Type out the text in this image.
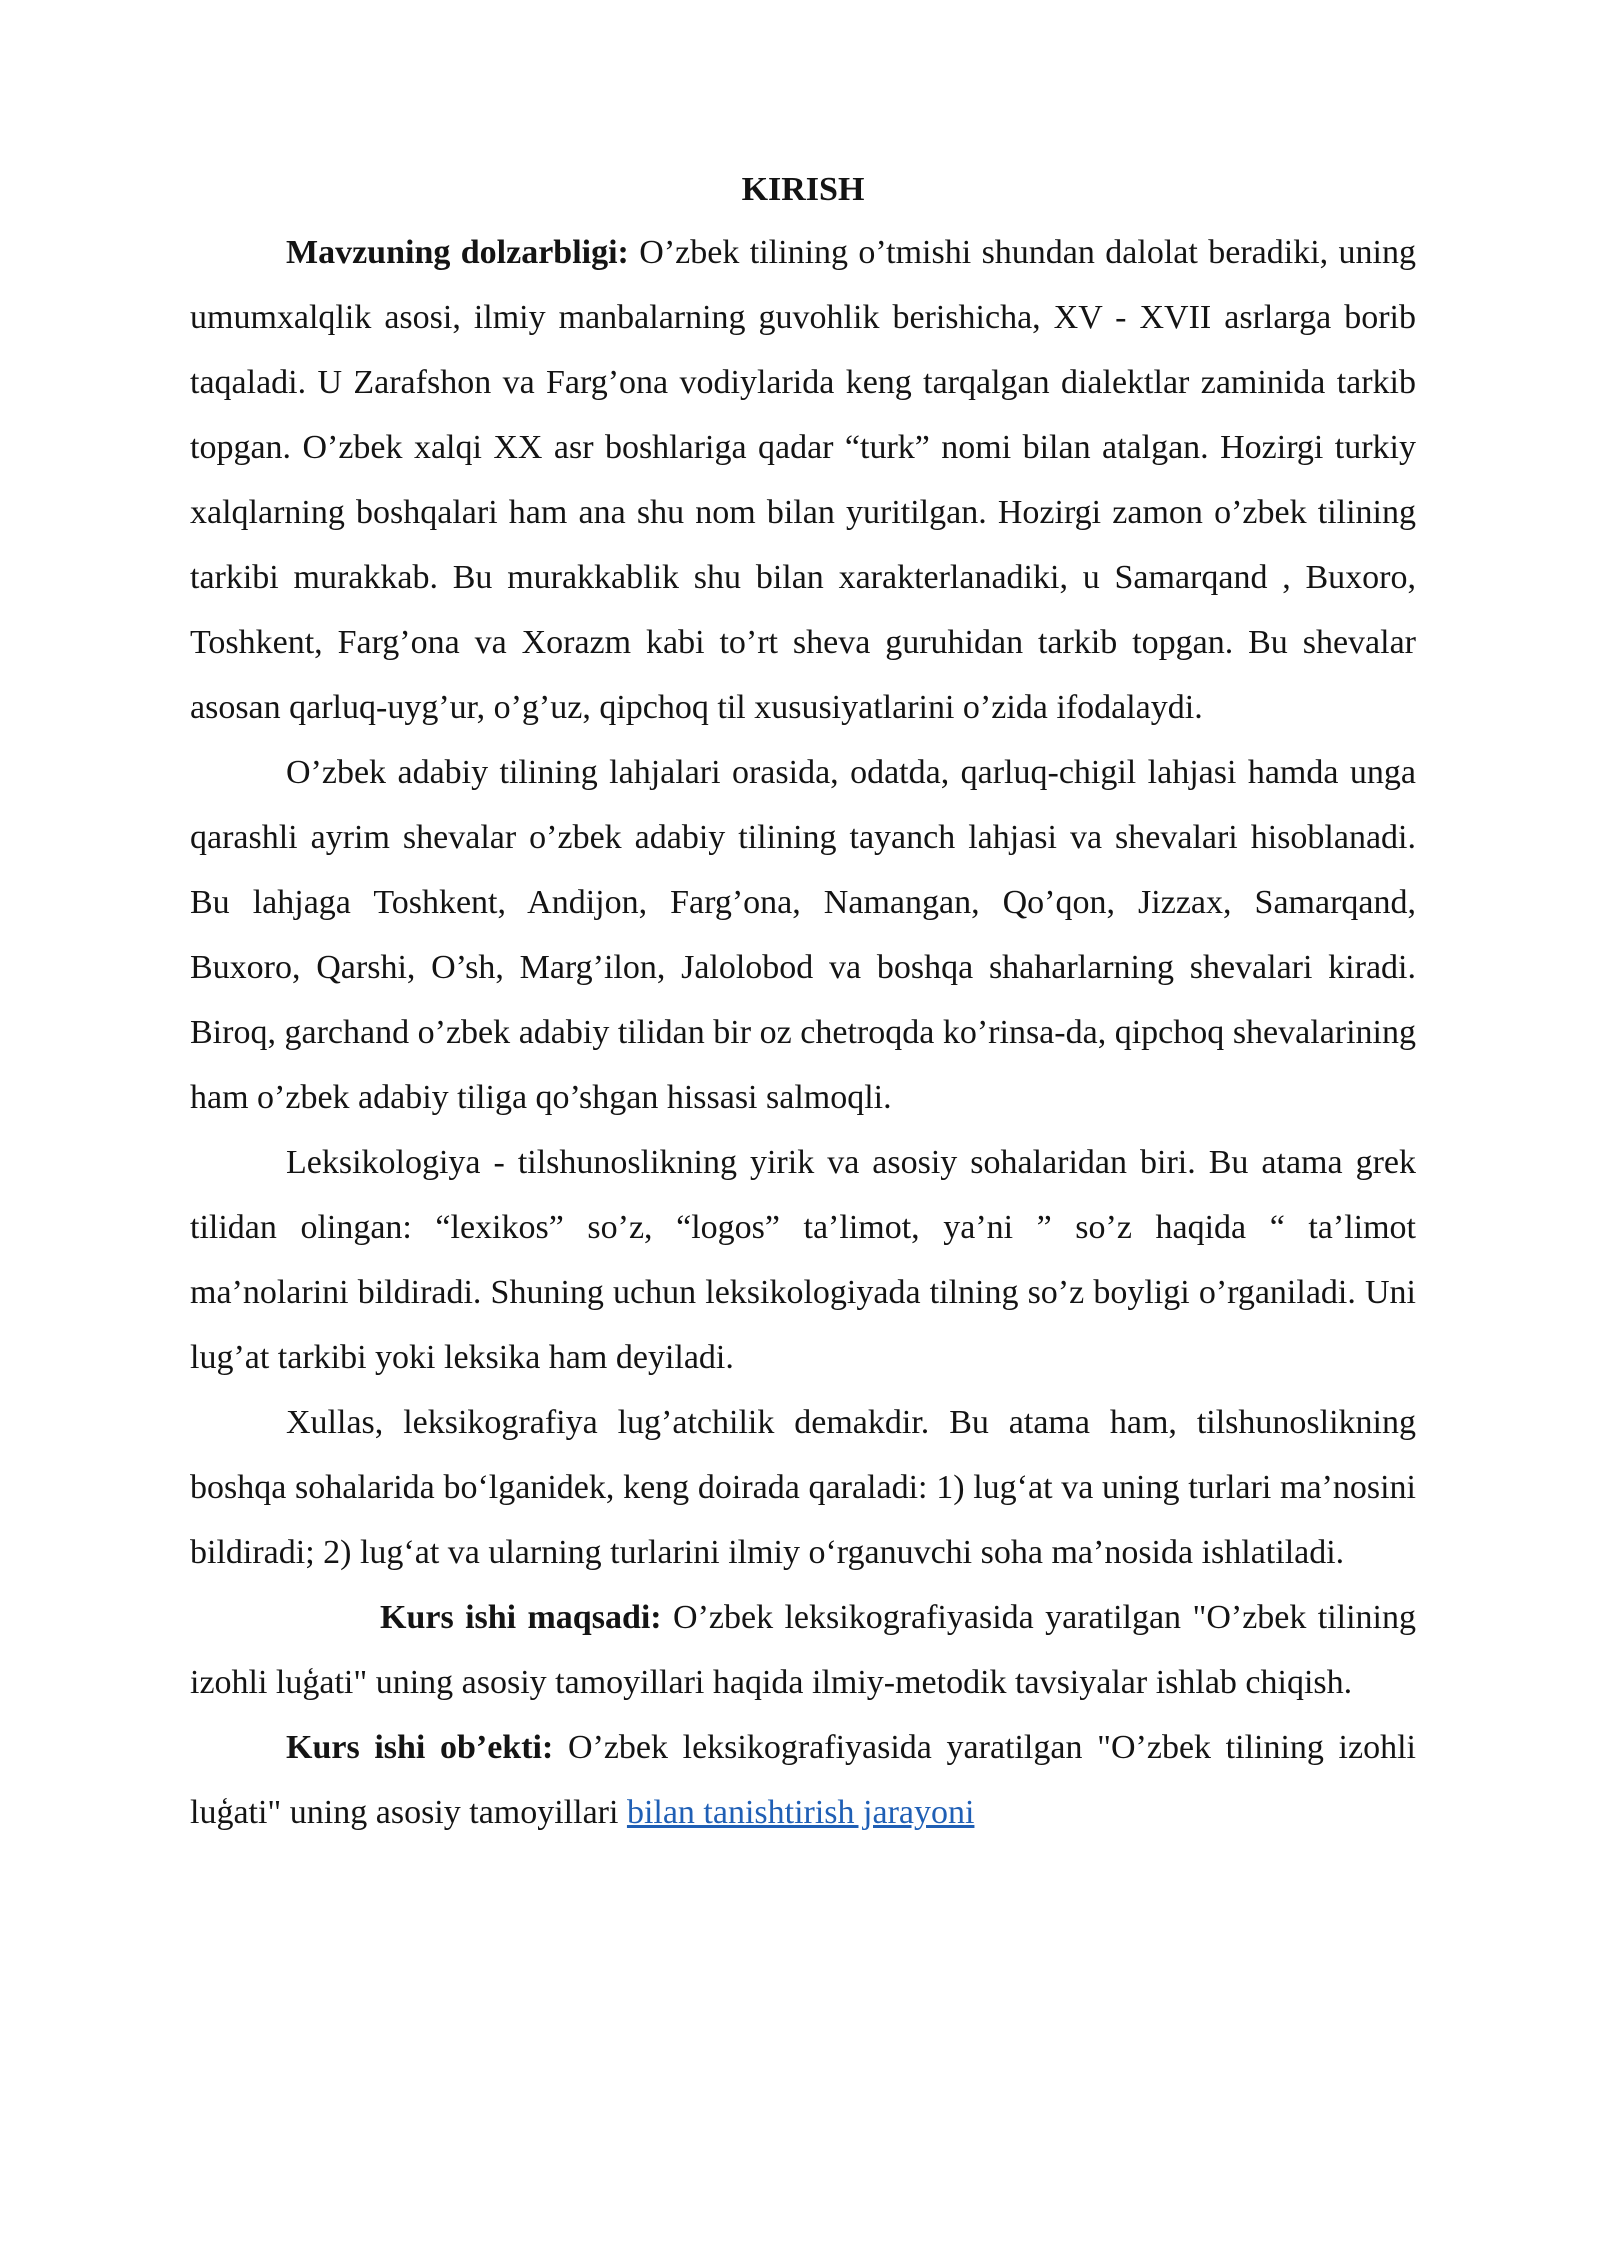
KIRISH

Mavzuning dolzarbligi: O’zbek tilining o’tmishi shundan dalolat beradiki, uning umumxalqlik asosi, ilmiy manbalarning guvohlik berishicha, XV - XVII asrlarga borib taqaladi. U Zarafshon va Farg’ona vodiylarida keng tarqalgan dialektlar zaminida tarkib topgan. O’zbek xalqi XX asr boshlariga qadar “turk” nomi bilan atalgan. Hozirgi turkiy xalqlarning boshqalari ham ana shu nom bilan yuritilgan. Hozirgi zamon o’zbek tilining tarkibi murakkab. Bu murakkablik shu bilan xarakterlanadiki, u Samarqand , Buxoro, Toshkent, Farg’ona va Xorazm kabi to’rt sheva guruhidan tarkib topgan. Bu shevalar asosan qarluq-uyg’ur, o’g’uz, qipchoq til xususiyatlarini o’zida ifodalaydi.

O’zbek adabiy tilining lahjalari orasida, odatda, qarluq-chigil lahjasi hamda unga qarashli ayrim shevalar o’zbek adabiy tilining tayanch lahjasi va shevalari hisoblanadi. Bu lahjaga Toshkent, Andijon, Farg’ona, Namangan, Qo’qon, Jizzax, Samarqand, Buxoro, Qarshi, O’sh, Marg’ilon, Jalolobod va boshqa shaharlarning shevalari kiradi. Biroq, garchand o’zbek adabiy tilidan bir oz chetroqda ko’rinsa-da, qipchoq shevalarining ham o’zbek adabiy tiliga qo’shgan hissasi salmoqli.

Leksikologiya - tilshunoslikning yirik va asosiy sohalaridan biri. Bu atama grek tilidan olingan: “lexikos” so’z, “logos” ta’limot, ya’ni ” so’z haqida “ ta’limot ma’nolarini bildiradi. Shuning uchun leksikologiyada tilning so’z boyligi o’rganiladi. Uni lug’at tarkibi yoki leksika ham deyiladi.

Xullas, leksikografiya lug’atchilik demakdir. Bu atama ham, tilshunoslikning boshqa sohalarida bo‘lganidek, keng doirada qaraladi: 1) lug‘at va uning turlari ma’nosini bildiradi; 2) lug‘at va ularning turlarini ilmiy o‘rganuvchi soha ma’nosida ishlatiladi.

Kurs ishi maqsadi: O’zbek leksikografiyasida yaratilgan "O’zbek tilining izohli luģati" uning asosiy tamoyillari haqida ilmiy-metodik tavsiyalar ishlab chiqish.

Kurs ishi ob’ekti: O’zbek leksikografiyasida yaratilgan "O’zbek tilining izohli luģati" uning asosiy tamoyillari bilan tanishtirish jarayoni
